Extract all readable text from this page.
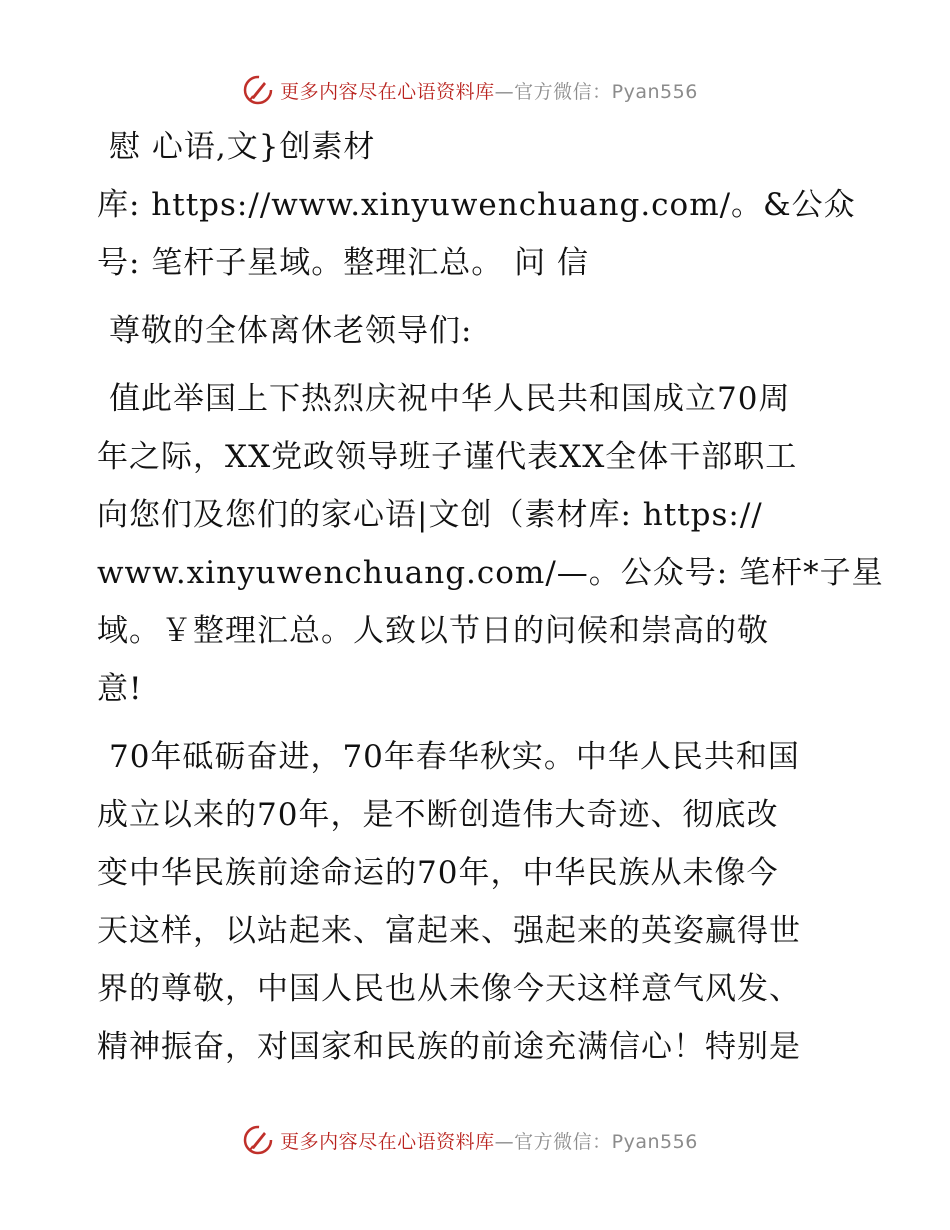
更多内容尽在心语资料库—官方微信：Pyan556
慰 心语,文}创素材
库: https://www.xinyuwenchuang.com/。&公众
号: 笔杆子星域。整理汇总。 问 信
尊敬的全体离休老领导们:
值此举国上下热烈庆祝中华人民共和国成立70周
年之际，XX党政领导班子谨代表XX全体干部职工
向您们及您们的家心语|文创（素材库: https://
www.xinyuwenchuang.com/—。公众号: 笔杆*子星
域。￥整理汇总。人致以节日的问候和崇高的敬
意!
70年砥砺奋进，70年春华秋实。中华人民共和国
成立以来的70年，是不断创造伟大奇迹、彻底改
变中华民族前途命运的70年，中华民族从未像今
天这样，以站起来、富起来、强起来的英姿赢得世
界的尊敬，中国人民也从未像今天这样意气风发、
精神振奋，对国家和民族的前途充满信心！特别是
更多内容尽在心语资料库—官方微信：Pyan556
